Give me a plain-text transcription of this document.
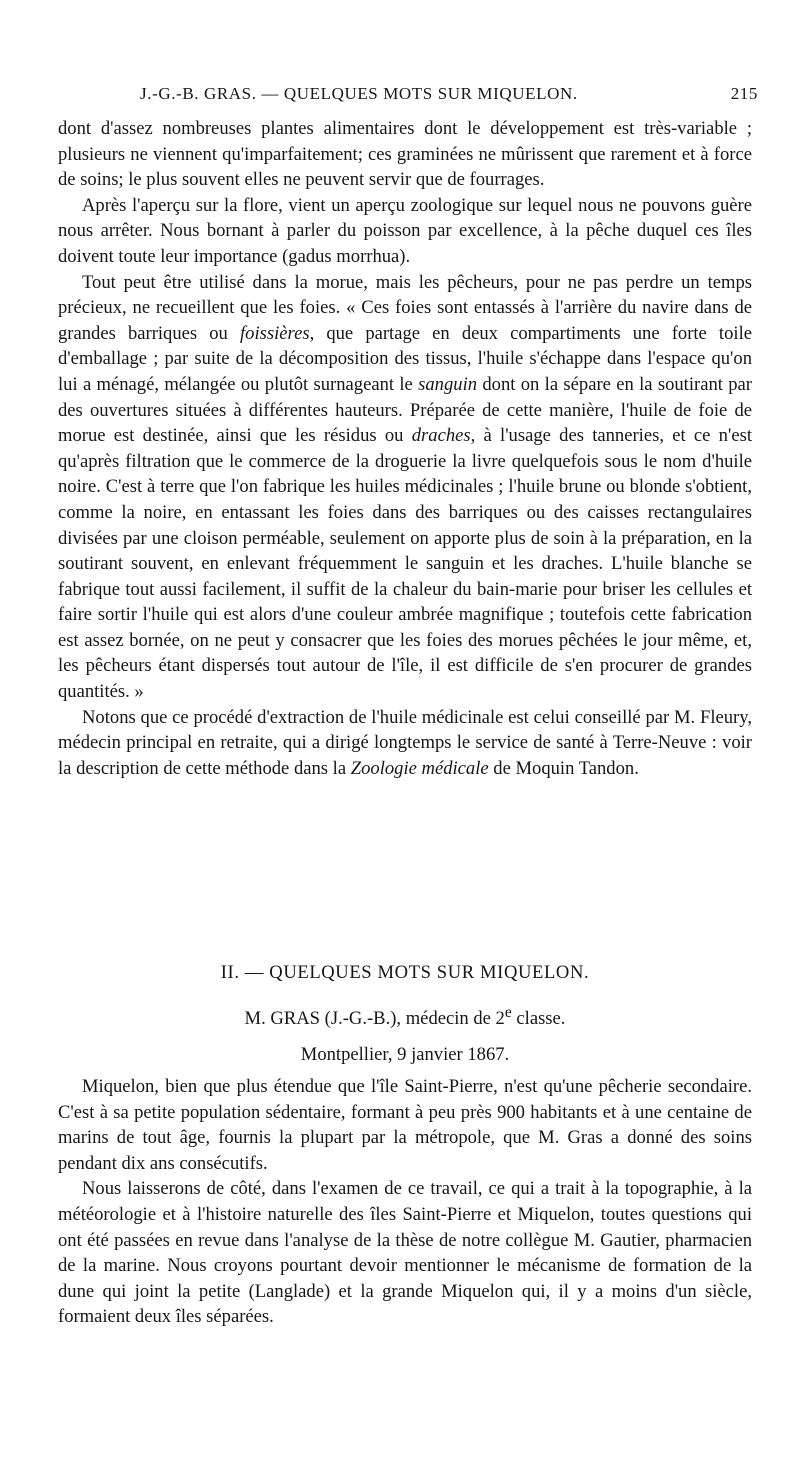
J.-G.-B. GRAS. — QUELQUES MOTS SUR MIQUELON.	215

dont d'assez nombreuses plantes alimentaires dont le développement est très-variable ; plusieurs ne viennent qu'imparfaitement; ces graminées ne mûrissent que rarement et à force de soins; le plus souvent elles ne peuvent servir que de fourrages.

Après l'aperçu sur la flore, vient un aperçu zoologique sur lequel nous ne pouvons guère nous arrêter. Nous bornant à parler du poisson par excellence, à la pêche duquel ces îles doivent toute leur importance (gadus morrhua).

Tout peut être utilisé dans la morue, mais les pêcheurs, pour ne pas perdre un temps précieux, ne recueillent que les foies. « Ces foies sont entassés à l'arrière du navire dans de grandes barriques ou foissières, que partage en deux compartiments une forte toile d'emballage ; par suite de la décomposition des tissus, l'huile s'échappe dans l'espace qu'on lui a ménagé, mélangée ou plutôt surnageant le sanguin dont on la sépare en la soutirant par des ouvertures situées à différentes hauteurs. Préparée de cette manière, l'huile de foie de morue est destinée, ainsi que les résidus ou draches, à l'usage des tanneries, et ce n'est qu'après filtration que le commerce de la droguerie la livre quelquefois sous le nom d'huile noire. C'est à terre que l'on fabrique les huiles médicinales ; l'huile brune ou blonde s'obtient, comme la noire, en entassant les foies dans des barriques ou des caisses rectangulaires divisées par une cloison perméable, seulement on apporte plus de soin à la préparation, en la soutirant souvent, en enlevant fréquemment le sanguin et les draches. L'huile blanche se fabrique tout aussi facilement, il suffit de la chaleur du bain-marie pour briser les cellules et faire sortir l'huile qui est alors d'une couleur ambrée magnifique ; toutefois cette fabrication est assez bornée, on ne peut y consacrer que les foies des morues pêchées le jour même, et, les pêcheurs étant dispersés tout autour de l'île, il est difficile de s'en procurer de grandes quantités. »

Notons que ce procédé d'extraction de l'huile médicinale est celui conseillé par M. Fleury, médecin principal en retraite, qui a dirigé longtemps le service de santé à Terre-Neuve : voir la description de cette méthode dans la Zoologie médicale de Moquin Tandon.

II. — QUELQUES MOTS SUR MIQUELON.
M. GRAS (J.-G.-B.), médecin de 2e classe.
Montpellier, 9 janvier 1867.

Miquelon, bien que plus étendue que l'île Saint-Pierre, n'est qu'une pêcherie secondaire. C'est à sa petite population sédentaire, formant à peu près 900 habitants et à une centaine de marins de tout âge, fournis la plupart par la métropole, que M. Gras a donné des soins pendant dix ans consécutifs.

Nous laisserons de côté, dans l'examen de ce travail, ce qui a trait à la topographie, à la météorologie et à l'histoire naturelle des îles Saint-Pierre et Miquelon, toutes questions qui ont été passées en revue dans l'analyse de la thèse de notre collègue M. Gautier, pharmacien de la marine. Nous croyons pourtant devoir mentionner le mécanisme de formation de la dune qui joint la petite (Langlade) et la grande Miquelon qui, il y a moins d'un siècle, formaient deux îles séparées.
